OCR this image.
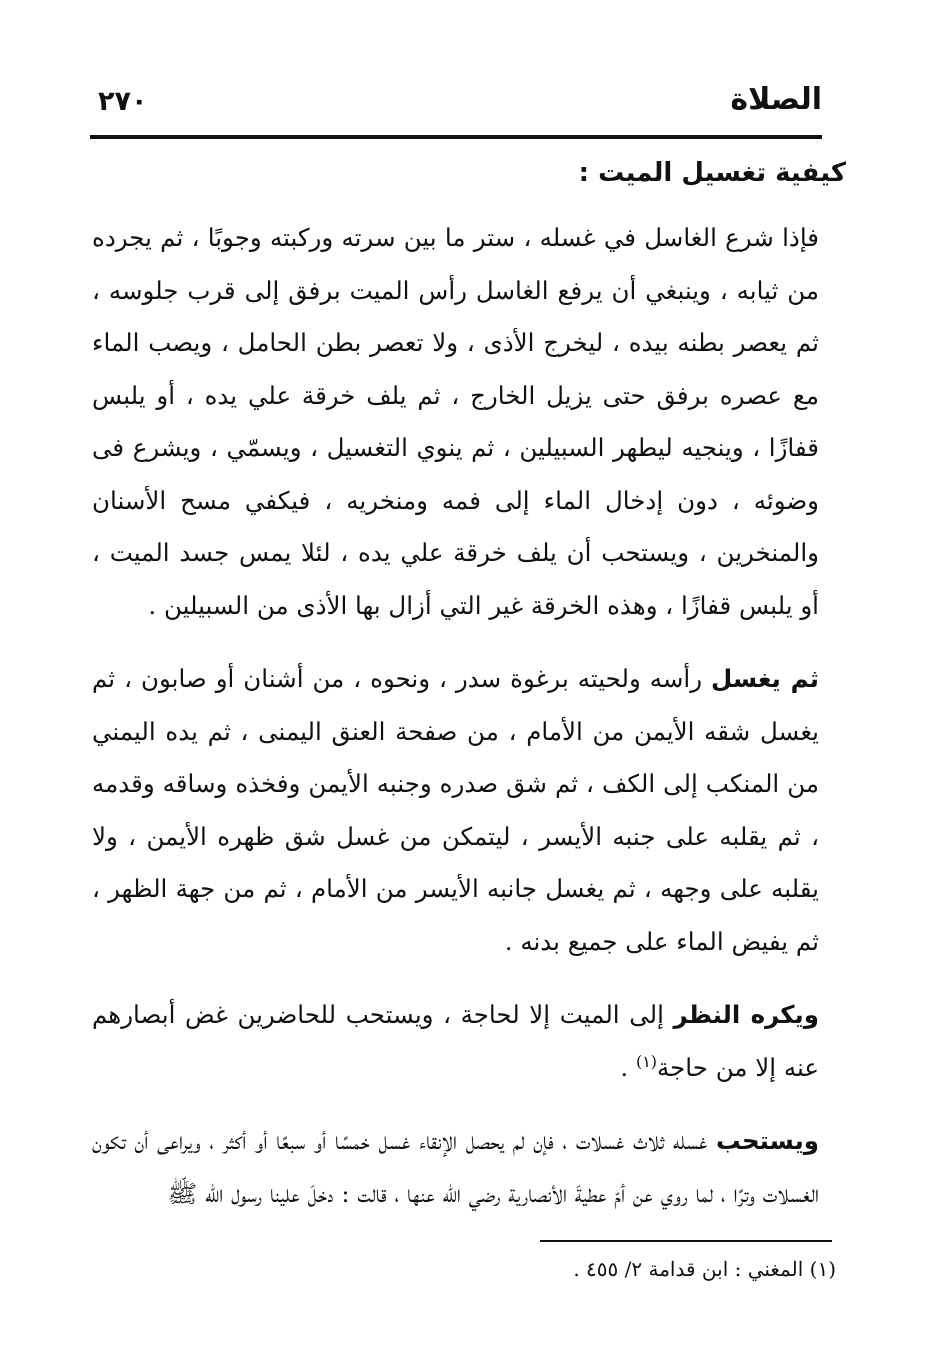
الصلاة
٢٧٠
كيفية تغسيل الميت :

فإذا شرع الغاسل في غسله ، ستر ما بين سرته وركبته وجوبًا ، ثم يجرده من ثيابه ، وينبغي أن يرفع الغاسل رأس الميت برفق إلى قرب جلوسه ، ثم يعصر بطنه بيده ، ليخرج الأذى ، ولا تعصر بطن الحامل ، ويصب الماء مع عصره برفق حتى يزيل الخارج ، ثم يلف خرقة علي يده ، أو يلبس قفازًا ، وينجيه ليطهر السبيلين ، ثم ينوي التغسيل ، ويسمّي ، ويشرع فى وضوئه ، دون إدخال الماء إلى فمه ومنخريه ، فيكفي مسح الأسنان والمنخرين ، ويستحب أن يلف خرقة علي يده ، لئلا يمس جسد الميت ، أو يلبس قفازًا ، وهذه الخرقة غير التي أزال بها الأذى من السبيلين .

ثم يغسل رأسه ولحيته برغوة سدر ، ونحوه ، من أشنان أو صابون ، ثم يغسل شقه الأيمن من الأمام ، من صفحة العنق اليمنى ، ثم يده اليمني من المنكب إلى الكف ، ثم شق صدره وجنبه الأيمن وفخذه وساقه وقدمه ، ثم يقلبه على جنبه الأيسر ، ليتمكن من غسل شق ظهره الأيمن ، ولا يقلبه على وجهه ، ثم يغسل جانبه الأيسر من الأمام ، ثم من جهة الظهر ، ثم يفيض الماء على جميع بدنه .

ويكره النظر إلى الميت إلا لحاجة ، ويستحب للحاضرين غض أبصارهم عنه إلا من حاجة$^{(١)}$ .

ويستحب غسله ثلاث غسلات ، فإن لم يحصل الإنقاء غسل خمسًا أو سبعًا أو أكثر ، ويراعى أن تكون الغسلات وترًا ، لما روي عن أمّ عطيةَ الأنصارية رضي الله عنها ، قالت : دخلَ علينا رسول الله ﷺ

(١) المغني : ابن قدامة ٢/ ٤٥٥ .
